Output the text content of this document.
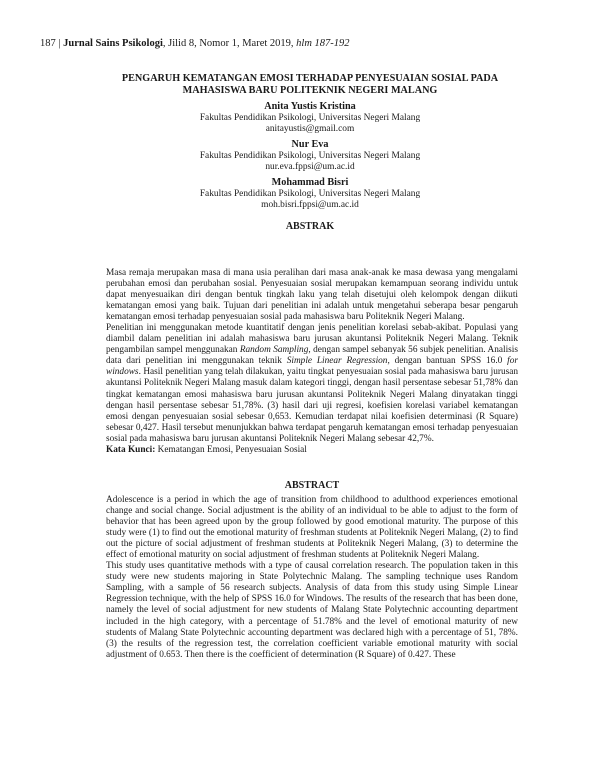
187 | Jurnal Sains Psikologi, Jilid 8, Nomor 1, Maret 2019, hlm 187-192

PENGARUH KEMATANGAN EMOSI TERHADAP PENYESUAIAN SOSIAL PADA
MAHASISWA BARU POLITEKNIK NEGERI MALANG

Anita Yustis Kristina
Fakultas Pendidikan Psikologi, Universitas Negeri Malang
anitayustis@gmail.com
Nur Eva
Fakultas Pendidikan Psikologi, Universitas Negeri Malang
nur.eva.fppsi@um.ac.id
Mohammad Bisri
Fakultas Pendidikan Psikologi, Universitas Negeri Malang
moh.bisri.fppsi@um.ac.id
ABSTRAK

Masa remaja merupakan masa di mana usia peralihan dari masa anak-anak ke masa dewasa yang mengalami perubahan emosi dan perubahan sosial. Penyesuaian sosial merupakan kemampuan seorang individu untuk dapat menyesuaikan diri dengan bentuk tingkah laku yang telah disetujui oleh kelompok dengan diikuti kematangan emosi yang baik. Tujuan dari penelitian ini adalah untuk mengetahui seberapa besar pengaruh kematangan emosi terhadap penyesuaian sosial pada mahasiswa baru Politeknik Negeri Malang.

Penelitian ini menggunakan metode kuantitatif dengan jenis penelitian korelasi sebab-akibat. Populasi yang diambil dalam penelitian ini adalah mahasiswa baru jurusan akuntansi Politeknik Negeri Malang. Teknik pengambilan sampel menggunakan Random Sampling, dengan sampel sebanyak 56 subjek penelitian. Analisis data dari penelitian ini menggunakan teknik Simple Linear Regression, dengan bantuan SPSS 16.0 for windows. Hasil penelitian yang telah dilakukan, yaitu tingkat penyesuaian sosial pada mahasiswa baru jurusan akuntansi Politeknik Negeri Malang masuk dalam kategori tinggi, dengan hasil persentase sebesar 51,78% dan tingkat kematangan emosi mahasiswa baru jurusan akuntansi Politeknik Negeri Malang dinyatakan tinggi dengan hasil persentase sebesar 51,78%. (3) hasil dari uji regresi, koefisien korelasi variabel kematangan emosi dengan penyesuaian sosial sebesar 0,653. Kemudian terdapat nilai koefisien determinasi (R Square) sebesar 0,427. Hasil tersebut menunjukkan bahwa terdapat pengaruh kematangan emosi terhadap penyesuaian sosial pada mahasiswa baru jurusan akuntansi Politeknik Negeri Malang sebesar 42,7%.

Kata Kunci: Kematangan Emosi, Penyesuaian Sosial

ABSTRACT

Adolescence is a period in which the age of transition from childhood to adulthood experiences emotional change and social change. Social adjustment is the ability of an individual to be able to adjust to the form of behavior that has been agreed upon by the group followed by good emotional maturity. The purpose of this study were (1) to find out the emotional maturity of freshman students at Politeknik Negeri Malang, (2) to find out the picture of social adjustment of freshman students at Politeknik Negeri Malang, (3) to determine the effect of emotional maturity on social adjustment of freshman students at Politeknik Negeri Malang.

This study uses quantitative methods with a type of causal correlation research. The population taken in this study were new students majoring in State Polytechnic Malang. The sampling technique uses Random Sampling, with a sample of 56 research subjects. Analysis of data from this study using Simple Linear Regression technique, with the help of SPSS 16.0 for Windows. The results of the research that has been done, namely the level of social adjustment for new students of Malang State Polytechnic accounting department included in the high category, with a percentage of 51.78% and the level of emotional maturity of new students of Malang State Polytechnic accounting department was declared high with a percentage of 51, 78%. (3) the results of the regression test, the correlation coefficient variable emotional maturity with social adjustment of 0.653. Then there is the coefficient of determination (R Square) of 0.427. These
